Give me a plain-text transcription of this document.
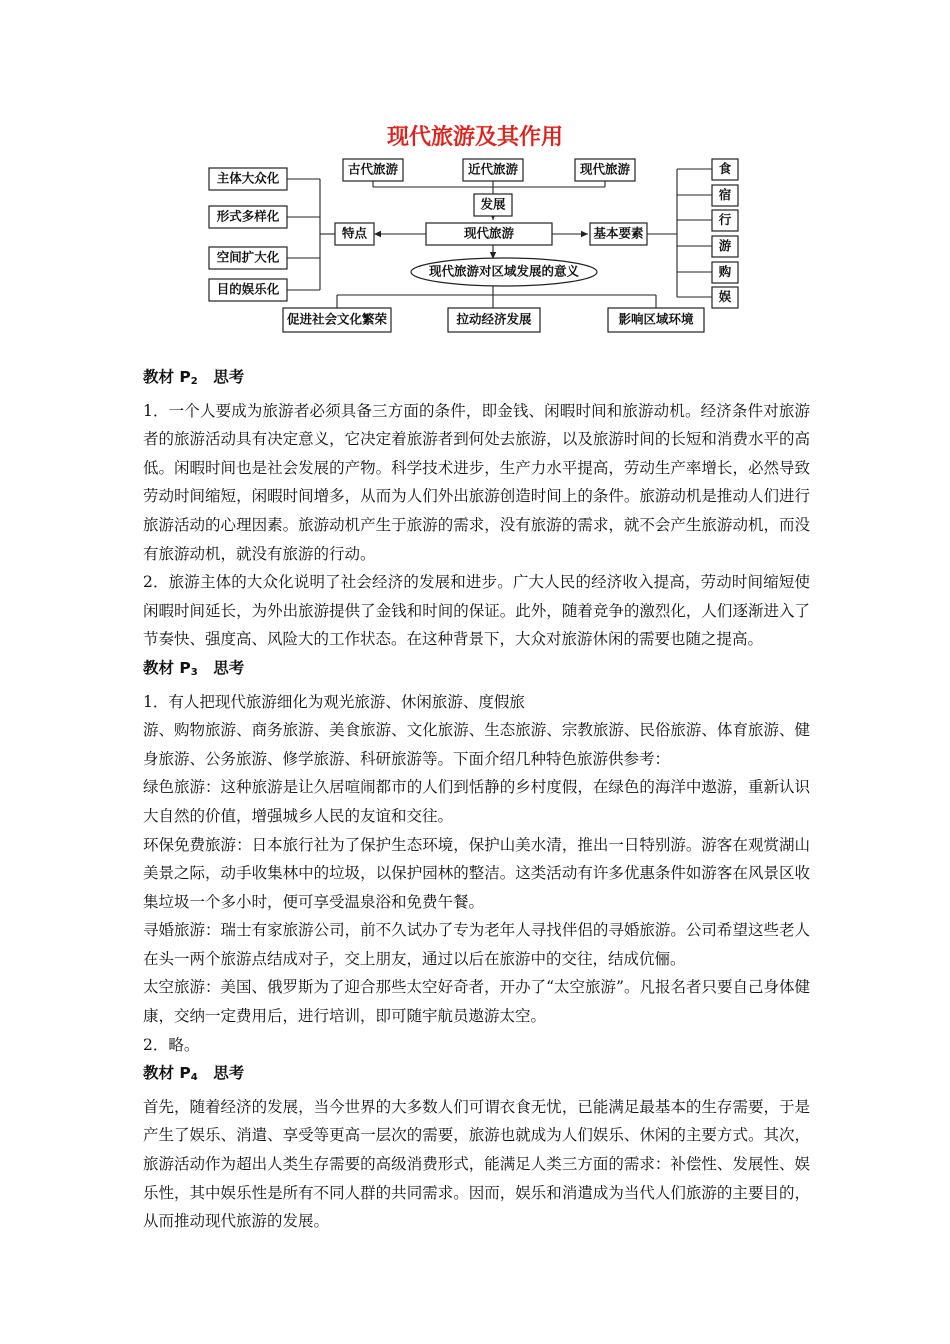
现代旅游及其作用
古代旅游	近代旅游	现代旅游
发展
现代旅游
特点
主体大众化
形式多样化
空间扩大化
目的娱乐化
基本要素
食
宿
行
游
购
娱
现代旅游对区域发展的意义
促进社会文化繁荣	拉动经济发展	影响区域环境

教材 $P_2$　思考

1．一个人要成为旅游者必须具备三方面的条件，即金钱、闲暇时间和旅游动机。经济条件对旅游者的旅游活动具有决定意义，它决定着旅游者到何处去旅游，以及旅游时间的长短和消费水平的高低。闲暇时间也是社会发展的产物。科学技术进步，生产力水平提高，劳动生产率增长，必然导致劳动时间缩短，闲暇时间增多，从而为人们外出旅游创造时间上的条件。旅游动机是推动人们进行旅游活动的心理因素。旅游动机产生于旅游的需求，没有旅游的需求，就不会产生旅游动机，而没有旅游动机，就没有旅游的行动。

2．旅游主体的大众化说明了社会经济的发展和进步。广大人民的经济收入提高，劳动时间缩短使闲暇时间延长，为外出旅游提供了金钱和时间的保证。此外，随着竞争的激烈化，人们逐渐进入了节奏快、强度高、风险大的工作状态。在这种背景下，大众对旅游休闲的需要也随之提高。

教材 $P_3$　思考

1．有人把现代旅游细化为观光旅游、休闲旅游、度假旅

游、购物旅游、商务旅游、美食旅游、文化旅游、生态旅游、宗教旅游、民俗旅游、体育旅游、健身旅游、公务旅游、修学旅游、科研旅游等。下面介绍几种特色旅游供参考：

绿色旅游：这种旅游是让久居喧闹都市的人们到恬静的乡村度假，在绿色的海洋中遨游，重新认识大自然的价值，增强城乡人民的友谊和交往。

环保免费旅游：日本旅行社为了保护生态环境，保护山美水清，推出一日特别游。游客在观赏湖山美景之际，动手收集林中的垃圾，以保护园林的整洁。这类活动有许多优惠条件如游客在风景区收集垃圾一个多小时，便可享受温泉浴和免费午餐。

寻婚旅游：瑞士有家旅游公司，前不久试办了专为老年人寻找伴侣的寻婚旅游。公司希望这些老人在头一两个旅游点结成对子，交上朋友，通过以后在旅游中的交往，结成伉俪。

太空旅游：美国、俄罗斯为了迎合那些太空好奇者，开办了“太空旅游”。凡报名者只要自己身体健康，交纳一定费用后，进行培训，即可随宇航员遨游太空。

2．略。

教材 $P_4$　思考

首先，随着经济的发展，当今世界的大多数人们可谓衣食无忧，已能满足最基本的生存需要，于是产生了娱乐、消遣、享受等更高一层次的需要，旅游也就成为人们娱乐、休闲的主要方式。其次，旅游活动作为超出人类生存需要的高级消费形式，能满足人类三方面的需求：补偿性、发展性、娱乐性，其中娱乐性是所有不同人群的共同需求。因而，娱乐和消遣成为当代人们旅游的主要目的，从而推动现代旅游的发展。
